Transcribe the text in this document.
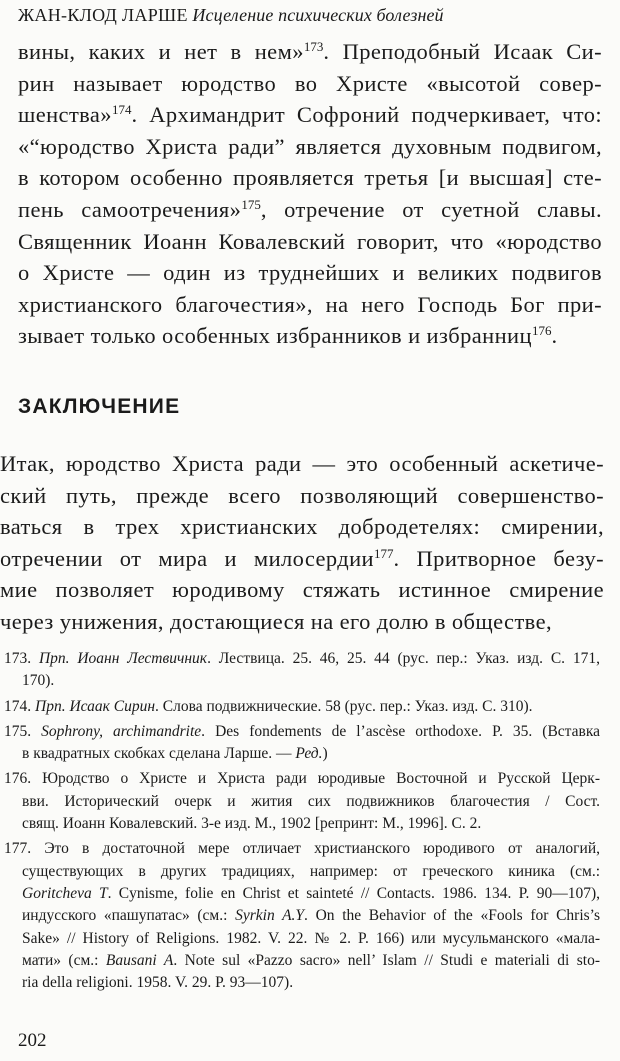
ЖАН-КЛОД ЛАРШЕ Исцеление психических болезней
вины, каких и нет в нем»$^{173}$. Преподобный Исаак Си-
рин называет юродство во Христе «высотой совер-
шенства»$^{174}$. Архимандрит Софроний подчеркивает, что:
«“юродство Христа ради” является духовным подвигом,
в котором особенно проявляется третья [и высшая] сте-
пень самоотречения»$^{175}$, отречение от суетной славы.
Священник Иоанн Ковалевский говорит, что «юродство
о Христе — один из труднейших и великих подвигов
христианского благочестия», на него Господь Бог при-
зывает только особенных избранников и избранниц$^{176}$.
ЗАКЛЮЧЕНИЕ
Итак, юродство Христа ради — это особенный аскетиче-
ский путь, прежде всего позволяющий совершенство-
ваться в трех христианских добродетелях: смирении,
отречении от мира и милосердии$^{177}$. Притворное безу-
мие позволяет юродивому стяжать истинное смирение
через унижения, достающиеся на его долю в обществе,
173. Прп. Иоанн Лествичник. Лествица. 25. 46, 25. 44 (рус. пер.: Указ. изд. С. 171,
170).
174. Прп. Исаак Сирин. Слова подвижнические. 58 (рус. пер.: Указ. изд. С. 310).
175. Sophrony, archimandrite. Des fondements de l’ascèse orthodoxe. P. 35. (Вставка
в квадратных скобках сделана Ларше. — Ред.)
176. Юродство о Христе и Христа ради юродивые Восточной и Русской Церк-
вви. Исторический очерк и жития сих подвижников благочестия / Сост.
свящ. Иоанн Ковалевский. 3-е изд. М., 1902 [репринт: М., 1996]. С. 2.
177. Это в достаточной мере отличает христианского юродивого от аналогий,
существующих в других традициях, например: от греческого киника (см.:
Goritcheva T. Cynisme, folie en Christ et sainteté // Contacts. 1986. 134. P. 90—107),
индусского «пашупатас» (см.: Syrkin A.Y. On the Behavior of the «Fools for Chris’s
Sake» // History of Religions. 1982. V. 22. № 2. P. 166) или мусульманского «мала-
мати» (см.: Bausani A. Note sul «Pazzo sacro» nell’ Islam // Studi e materiali di sto-
ria della religioni. 1958. V. 29. P. 93—107).
202
